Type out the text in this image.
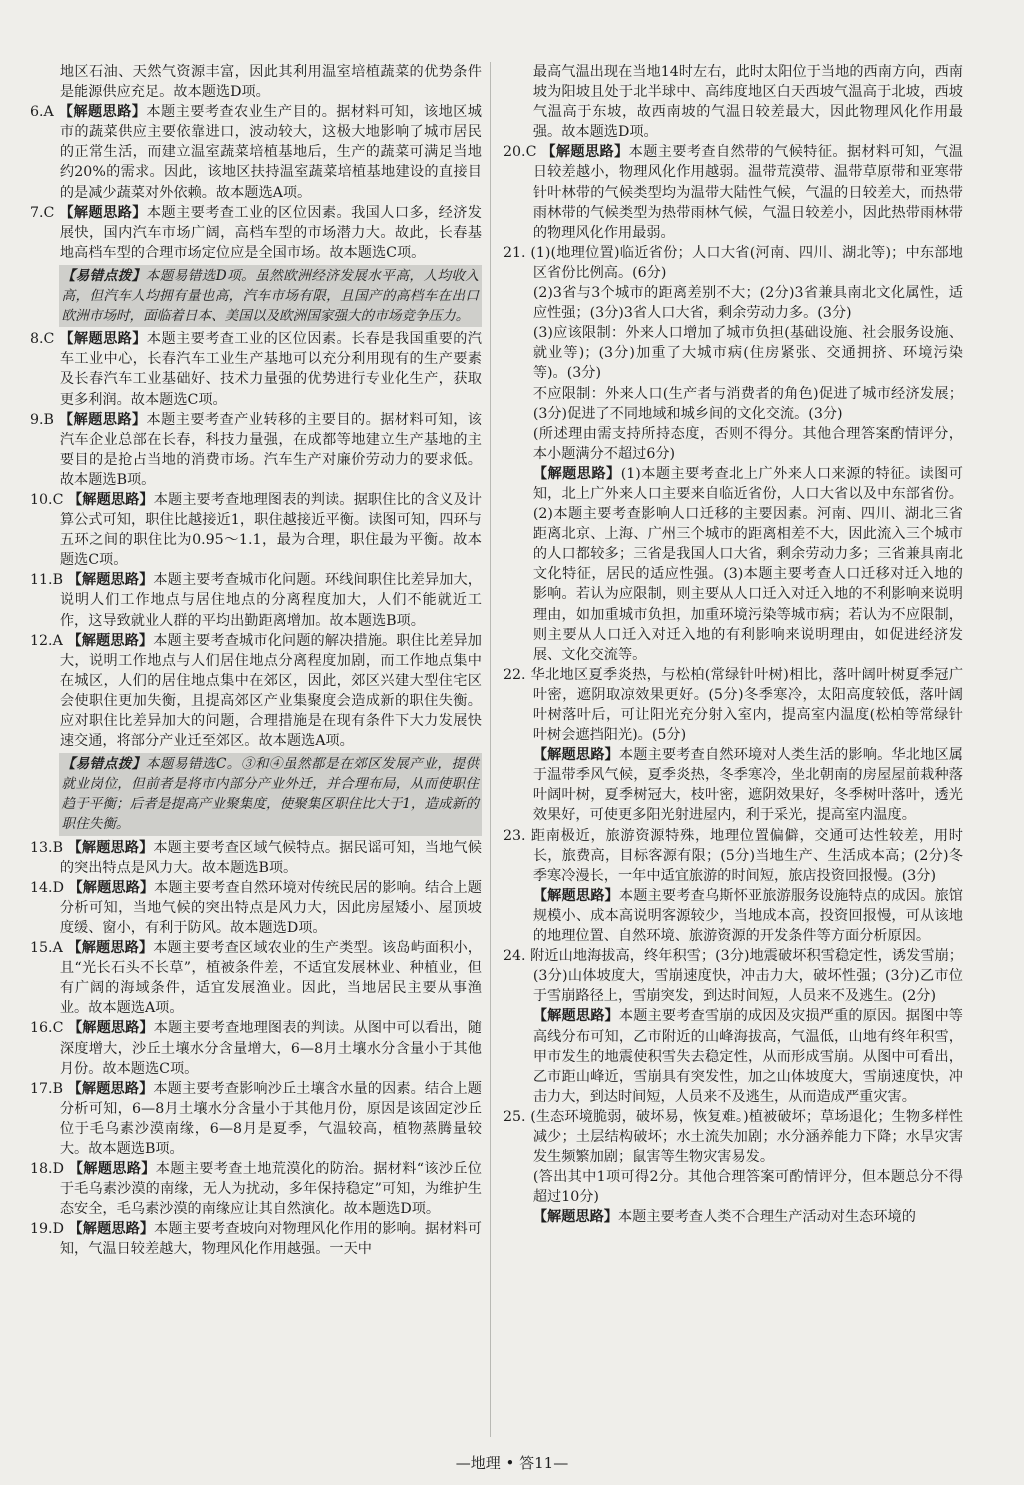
地区石油、天然气资源丰富，因此其利用温室培植蔬菜的优势条件是能源供应充足。故本题选D项。

6.A 【解题思路】本题主要考查农业生产目的。据材料可知，该地区城市的蔬菜供应主要依靠进口，波动较大，这极大地影响了城市居民的正常生活，而建立温室蔬菜培植基地后，生产的蔬菜可满足当地约20%的需求。因此，该地区扶持温室蔬菜培植基地建设的直接目的是减少蔬菜对外依赖。故本题选A项。

7.C 【解题思路】本题主要考查工业的区位因素。我国人口多，经济发展快，国内汽车市场广阔，高档车型的市场潜力大。故此，长春基地高档车型的合理市场定位应是全国市场。故本题选C项。

【易错点拨】本题易错选D项。虽然欧洲经济发展水平高，人均收入高，但汽车人均拥有量也高，汽车市场有限，且国产的高档车在出口欧洲市场时，面临着日本、美国以及欧洲国家强大的市场竞争压力。

8.C 【解题思路】本题主要考查工业的区位因素。长春是我国重要的汽车工业中心，长春汽车工业生产基地可以充分利用现有的生产要素及长春汽车工业基础好、技术力量强的优势进行专业化生产，获取更多利润。故本题选C项。

9.B 【解题思路】本题主要考查产业转移的主要目的。据材料可知，该汽车企业总部在长春，科技力量强，在成都等地建立生产基地的主要目的是抢占当地的消费市场。汽车生产对廉价劳动力的要求低。故本题选B项。

10.C 【解题思路】本题主要考查地理图表的判读。据职住比的含义及计算公式可知，职住比越接近1，职住越接近平衡。读图可知，四环与五环之间的职住比为0.95～1.1，最为合理，职住最为平衡。故本题选C项。

11.B 【解题思路】本题主要考查城市化问题。环线间职住比差异加大，说明人们工作地点与居住地点的分离程度加大，人们不能就近工作，这导致就业人群的平均出勤距离增加。故本题选B项。

12.A 【解题思路】本题主要考查城市化问题的解决措施。职住比差异加大，说明工作地点与人们居住地点分离程度加剧，而工作地点集中在城区，人们的居住地点集中在郊区，因此，郊区兴建大型住宅区会使职住更加失衡，且提高郊区产业集聚度会造成新的职住失衡。应对职住比差异加大的问题，合理措施是在现有条件下大力发展快速交通，将部分产业迁至郊区。故本题选A项。

【易错点拨】本题易错选C。③和④虽然都是在郊区发展产业，提供就业岗位，但前者是将市内部分产业外迁，并合理布局，从而使职住趋于平衡；后者是提高产业聚集度，使聚集区职住比大于1，造成新的职住失衡。

13.B 【解题思路】本题主要考查区域气候特点。据民谣可知，当地气候的突出特点是风力大。故本题选B项。

14.D 【解题思路】本题主要考查自然环境对传统民居的影响。结合上题分析可知，当地气候的突出特点是风力大，因此房屋矮小、屋顶坡度缓、窗小，有利于防风。故本题选D项。

15.A 【解题思路】本题主要考查区域农业的生产类型。该岛屿面积小，且“光长石头不长草”，植被条件差，不适宜发展林业、种植业，但有广阔的海域条件，适宜发展渔业。因此，当地居民主要从事渔业。故本题选A项。

16.C 【解题思路】本题主要考查地理图表的判读。从图中可以看出，随深度增大，沙丘土壤水分含量增大，6—8月土壤水分含量小于其他月份。故本题选C项。

17.B 【解题思路】本题主要考查影响沙丘土壤含水量的因素。结合上题分析可知，6—8月土壤水分含量小于其他月份，原因是该固定沙丘位于毛乌素沙漠南缘，6—8月是夏季，气温较高，植物蒸腾量较大。故本题选B项。

18.D 【解题思路】本题主要考查土地荒漠化的防治。据材料“该沙丘位于毛乌素沙漠的南缘，无人为扰动，多年保持稳定”可知，为维护生态安全，毛乌素沙漠的南缘应让其自然演化。故本题选D项。

19.D 【解题思路】本题主要考查坡向对物理风化作用的影响。据材料可知，气温日较差越大，物理风化作用越强。一天中

最高气温出现在当地14时左右，此时太阳位于当地的西南方向，西南坡为阳坡且处于北半球中、高纬度地区白天西坡气温高于北坡，西坡气温高于东坡，故西南坡的气温日较差最大，因此物理风化作用最强。故本题选D项。

20.C 【解题思路】本题主要考查自然带的气候特征。据材料可知，气温日较差越小，物理风化作用越弱。温带荒漠带、温带草原带和亚寒带针叶林带的气候类型均为温带大陆性气候，气温的日较差大，而热带雨林带的气候类型为热带雨林气候，气温日较差小，因此热带雨林带的物理风化作用最弱。

21. (1)(地理位置)临近省份；人口大省(河南、四川、湖北等)；中东部地区省份比例高。(6分)

(2)3省与3个城市的距离差别不大；(2分)3省兼具南北文化属性，适应性强；(3分)3省人口大省，剩余劳动力多。(3分)

(3)应该限制：外来人口增加了城市负担(基础设施、社会服务设施、就业等)；(3分)加重了大城市病(住房紧张、交通拥挤、环境污染等)。(3分)

不应限制：外来人口(生产者与消费者的角色)促进了城市经济发展；(3分)促进了不同地域和城乡间的文化交流。(3分)

(所述理由需支持所持态度，否则不得分。其他合理答案酌情评分，本小题满分不超过6分)

【解题思路】(1)本题主要考查北上广外来人口来源的特征。读图可知，北上广外来人口主要来自临近省份，人口大省以及中东部省份。(2)本题主要考查影响人口迁移的主要因素。河南、四川、湖北三省距离北京、上海、广州三个城市的距离相差不大，因此流入三个城市的人口都较多；三省是我国人口大省，剩余劳动力多；三省兼具南北文化特征，居民的适应性强。(3)本题主要考查人口迁移对迁入地的影响。若认为应限制，则主要从人口迁入对迁入地的不利影响来说明理由，如加重城市负担，加重环境污染等城市病；若认为不应限制，则主要从人口迁入对迁入地的有利影响来说明理由，如促进经济发展、文化交流等。

22. 华北地区夏季炎热，与松柏(常绿针叶树)相比，落叶阔叶树夏季冠广叶密，遮阴取凉效果更好。(5分)冬季寒冷，太阳高度较低，落叶阔叶树落叶后，可让阳光充分射入室内，提高室内温度(松柏等常绿针叶树会遮挡阳光)。(5分)

【解题思路】本题主要考查自然环境对人类生活的影响。华北地区属于温带季风气候，夏季炎热，冬季寒冷，坐北朝南的房屋屋前栽种落叶阔叶树，夏季树冠大，枝叶密，遮阴效果好，冬季树叶落叶，透光效果好，可使更多阳光射进屋内，利于采光，提高室内温度。

23. 距南极近，旅游资源特殊，地理位置偏僻，交通可达性较差，用时长，旅费高，目标客源有限；(5分)当地生产、生活成本高；(2分)冬季寒冷漫长，一年中适宜旅游的时间短，旅店投资回报慢。(3分)

【解题思路】本题主要考查乌斯怀亚旅游服务设施特点的成因。旅馆规模小、成本高说明客源较少，当地成本高，投资回报慢，可从该地的地理位置、自然环境、旅游资源的开发条件等方面分析原因。

24. 附近山地海拔高，终年积雪；(3分)地震破坏积雪稳定性，诱发雪崩；(3分)山体坡度大，雪崩速度快，冲击力大，破坏性强；(3分)乙市位于雪崩路径上，雪崩突发，到达时间短，人员来不及逃生。(2分)

【解题思路】本题主要考查雪崩的成因及灾损严重的原因。据图中等高线分布可知，乙市附近的山峰海拔高，气温低，山地有终年积雪，甲市发生的地震使积雪失去稳定性，从而形成雪崩。从图中可看出，乙市距山峰近，雪崩具有突发性，加之山体坡度大，雪崩速度快，冲击力大，到达时间短，人员来不及逃生，从而造成严重灾害。

25. (生态环境脆弱，破坏易，恢复难。)植被破坏；草场退化；生物多样性减少；土层结构破坏；水土流失加剧；水分涵养能力下降；水旱灾害发生频繁加剧；鼠害等生物灾害易发。

(答出其中1项可得2分。其他合理答案可酌情评分，但本题总分不得超过10分)

【解题思路】本题主要考查人类不合理生产活动对生态环境的

—地理 • 答11—
